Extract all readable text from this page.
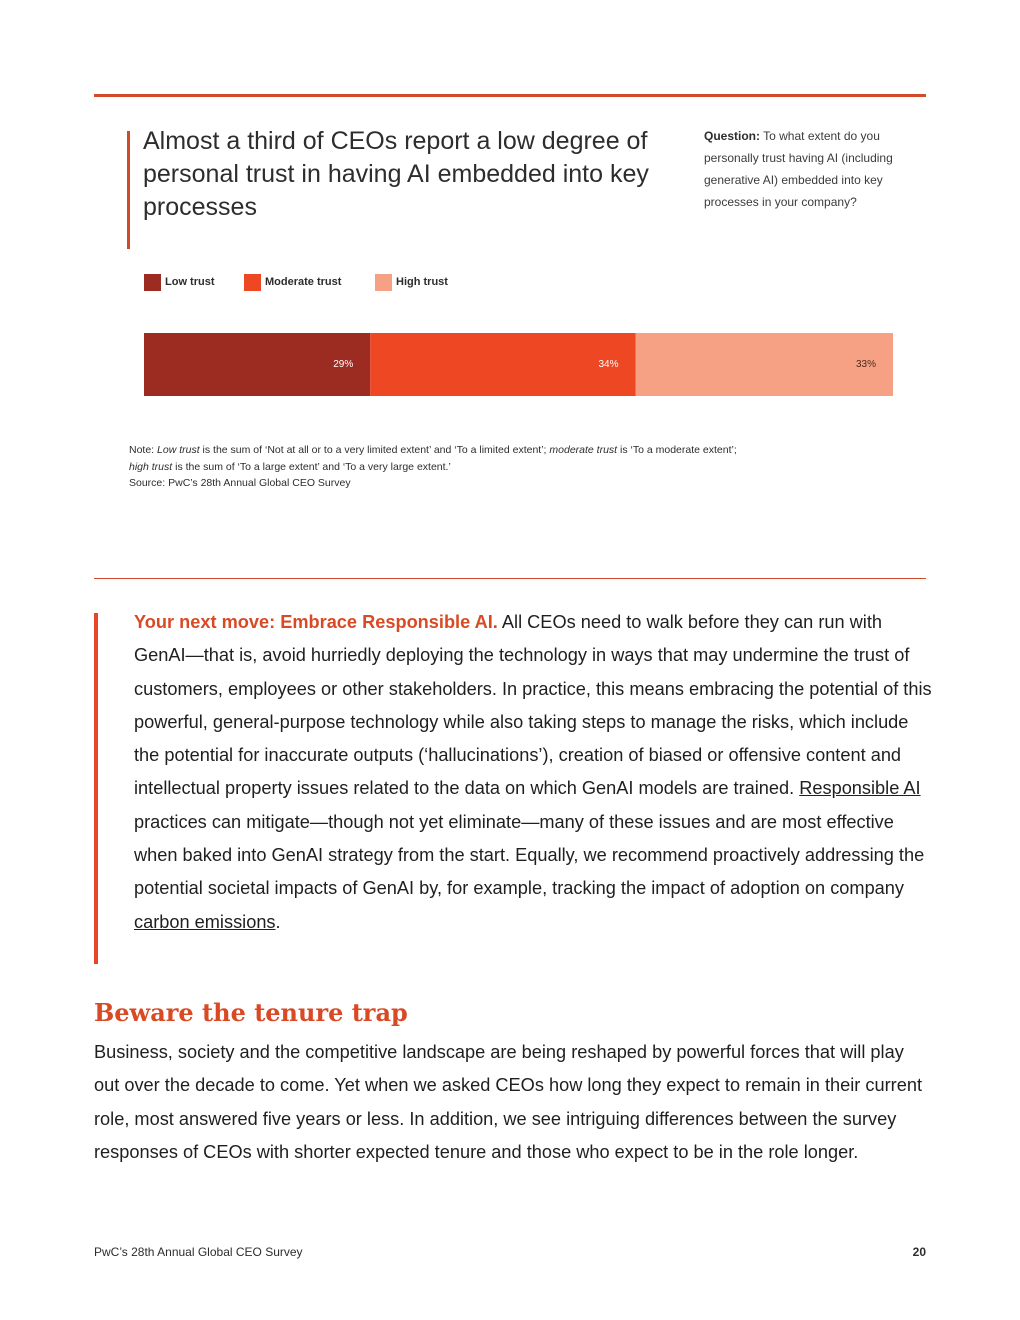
Almost a third of CEOs report a low degree of personal trust in having AI embedded into key processes
Question: To what extent do you personally trust having AI (including generative AI) embedded into key processes in your company?
Low trust	Moderate trust	High trust
29%	34%	33%
Note: Low trust is the sum of ‘Not at all or to a very limited extent’ and ‘To a limited extent’; moderate trust is ‘To a moderate extent’;
high trust is the sum of ‘To a large extent’ and ‘To a very large extent.’
Source: PwC’s 28th Annual Global CEO Survey

Your next move: Embrace Responsible AI. All CEOs need to walk before they can run with GenAI—that is, avoid hurriedly deploying the technology in ways that may undermine the trust of customers, employees or other stakeholders. In practice, this means embracing the potential of this powerful, general-purpose technology while also taking steps to manage the risks, which include the potential for inaccurate outputs (‘hallucinations’), creation of biased or offensive content and intellectual property issues related to the data on which GenAI models are trained. Responsible AI practices can mitigate—though not yet eliminate—many of these issues and are most effective when baked into GenAI strategy from the start. Equally, we recommend proactively addressing the potential societal impacts of GenAI by, for example, tracking the impact of adoption on company carbon emissions.

Beware the tenure trap

Business, society and the competitive landscape are being reshaped by powerful forces that will play out over the decade to come. Yet when we asked CEOs how long they expect to remain in their current role, most answered five years or less. In addition, we see intriguing differences between the survey responses of CEOs with shorter expected tenure and those who expect to be in the role longer.

PwC’s 28th Annual Global CEO Survey	20
